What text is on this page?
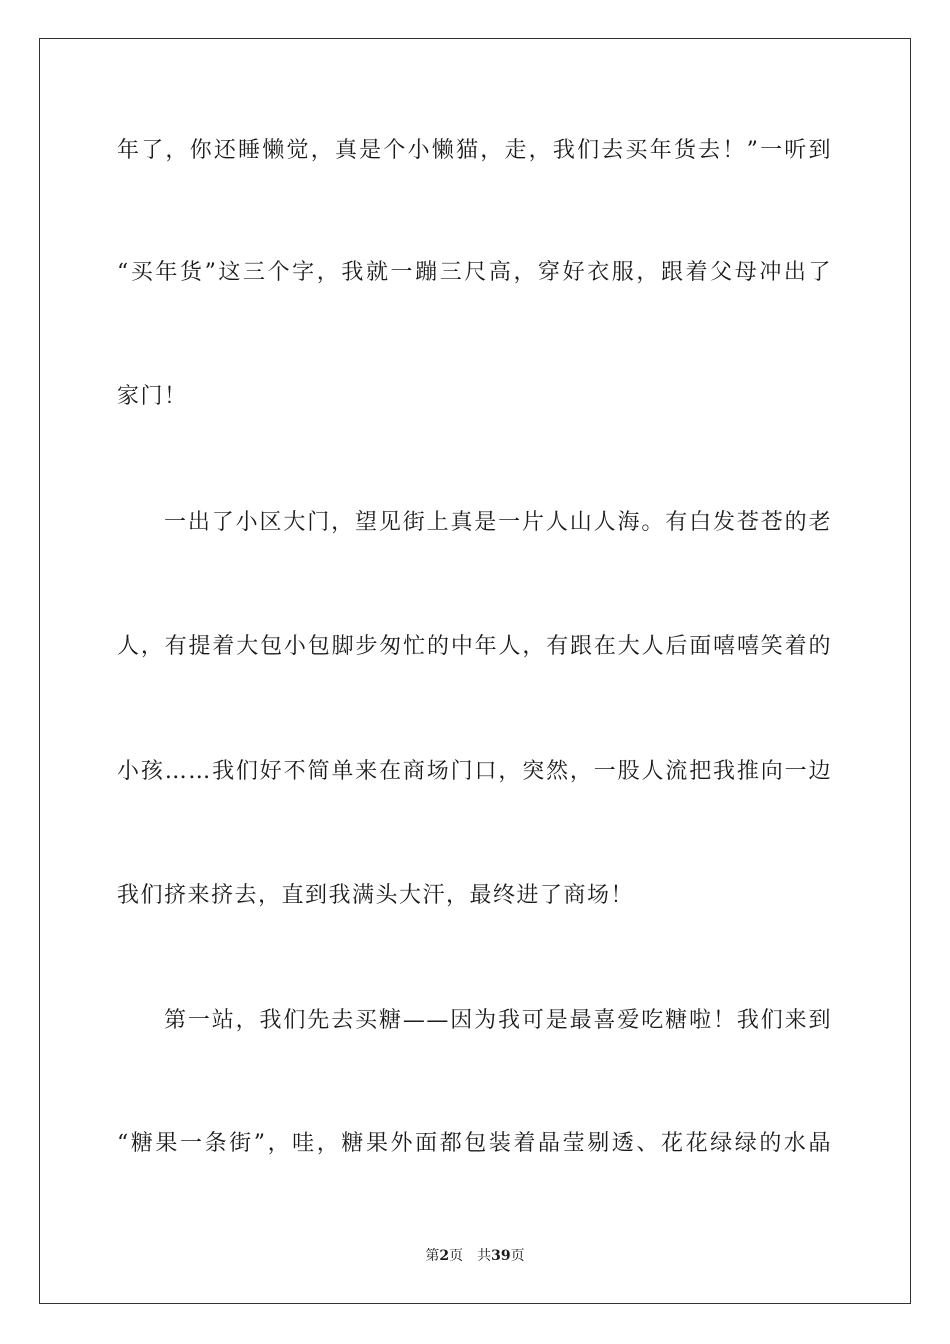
年了，你还睡懒觉，真是个小懒猫，走，我们去买年货去！”一听到
“买年货”这三个字，我就一蹦三尺高，穿好衣服，跟着父母冲出了
家门！
一出了小区大门，望见街上真是一片人山人海。有白发苍苍的老
人，有提着大包小包脚步匆忙的中年人，有跟在大人后面嘻嘻笑着的
小孩……我们好不简单来在商场门口，突然，一股人流把我推向一边
我们挤来挤去，直到我满头大汗，最终进了商场！
第一站，我们先去买糖——因为我可是最喜爱吃糖啦！我们来到
“糖果一条街”，哇，糖果外面都包装着晶莹剔透、花花绿绿的水晶
第2页 共39页
